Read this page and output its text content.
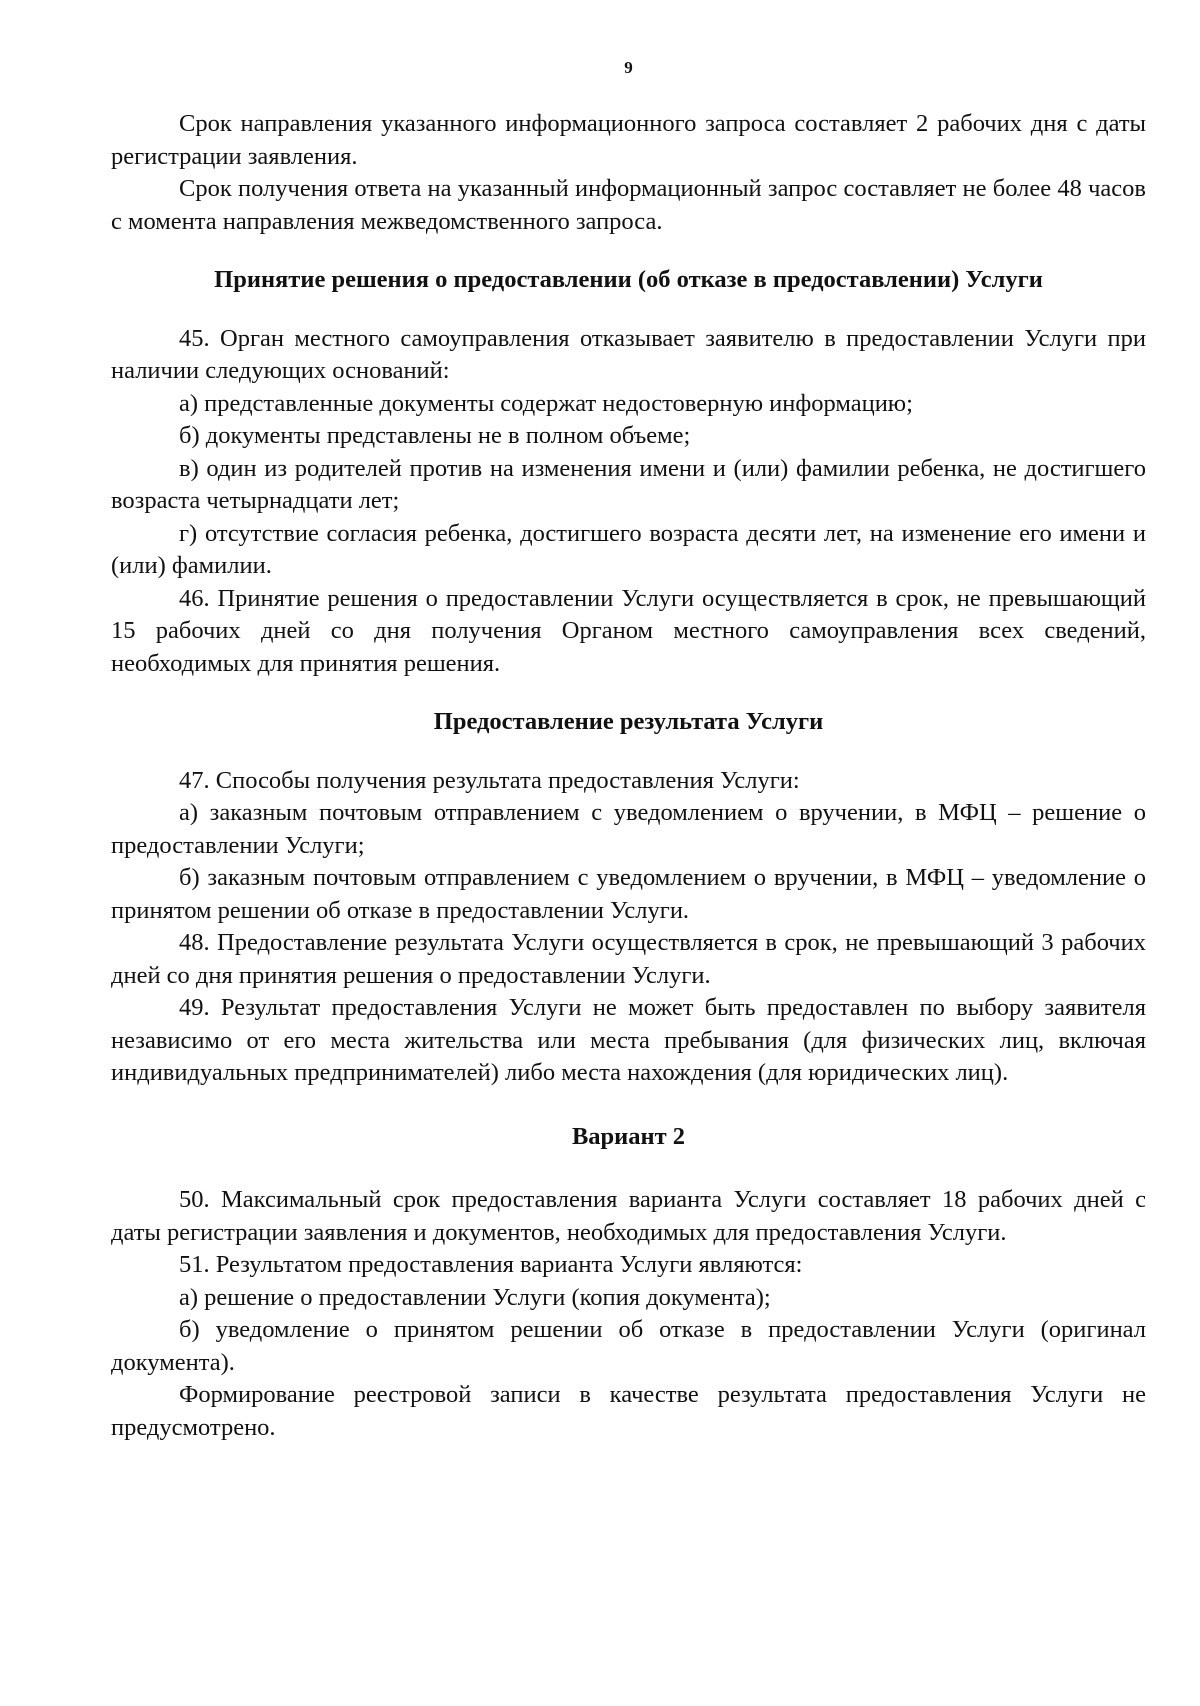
9

Срок направления указанного информационного запроса составляет 2 рабочих дня с даты регистрации заявления.

Срок получения ответа на указанный информационный запрос составляет не более 48 часов с момента направления межведомственного запроса.

Принятие решения о предоставлении (об отказе в предоставлении) Услуги

45. Орган местного самоуправления отказывает заявителю в предоставлении Услуги при наличии следующих оснований:

а) представленные документы содержат недостоверную информацию;

б) документы представлены не в полном объеме;

в) один из родителей против на изменения имени и (или) фамилии ребенка, не достигшего возраста четырнадцати лет;

г) отсутствие согласия ребенка, достигшего возраста десяти лет, на изменение его имени и (или) фамилии.

46. Принятие решения о предоставлении Услуги осуществляется в срок, не превышающий 15 рабочих дней со дня получения Органом местного самоуправления всех сведений, необходимых для принятия решения.

Предоставление результата Услуги

47. Способы получения результата предоставления Услуги:

а) заказным почтовым отправлением с уведомлением о вручении, в МФЦ – решение о предоставлении Услуги;

б) заказным почтовым отправлением с уведомлением о вручении, в МФЦ – уведомление о принятом решении об отказе в предоставлении Услуги.

48. Предоставление результата Услуги осуществляется в срок, не превышающий 3 рабочих дней со дня принятия решения о предоставлении Услуги.

49. Результат предоставления Услуги не может быть предоставлен по выбору заявителя независимо от его места жительства или места пребывания (для физических лиц, включая индивидуальных предпринимателей) либо места нахождения (для юридических лиц).

Вариант 2

50. Максимальный срок предоставления варианта Услуги составляет 18 рабочих дней с даты регистрации заявления и документов, необходимых для предоставления Услуги.

51. Результатом предоставления варианта Услуги являются:

а) решение о предоставлении Услуги (копия документа);

б) уведомление о принятом решении об отказе в предоставлении Услуги (оригинал документа).

Формирование реестровой записи в качестве результата предоставления Услуги не предусмотрено.
